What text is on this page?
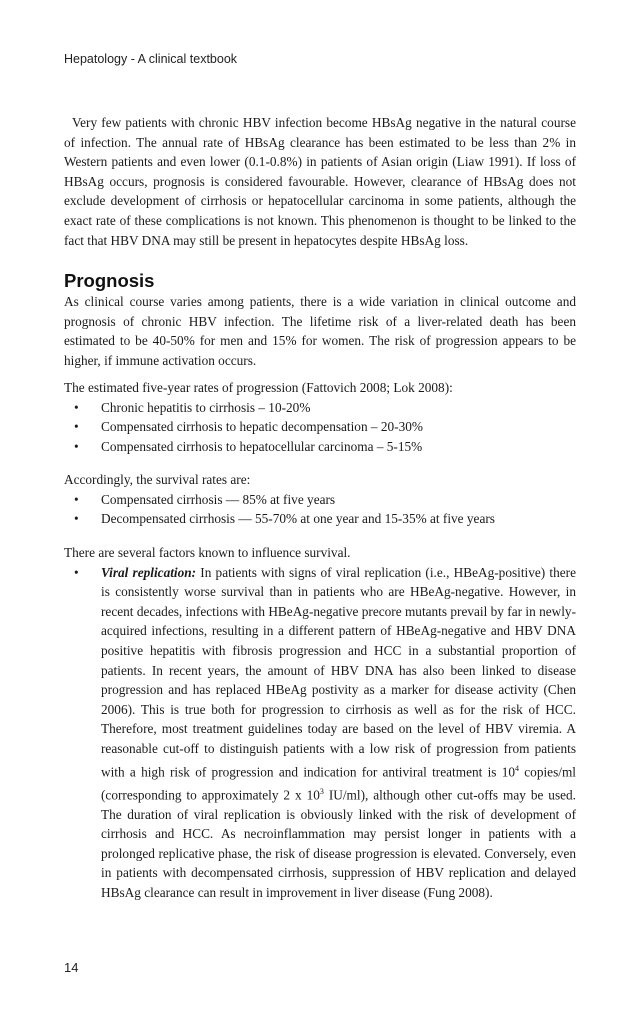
Hepatology - A clinical textbook

Very few patients with chronic HBV infection become HBsAg negative in the natural course of infection. The annual rate of HBsAg clearance has been estimated to be less than 2% in Western patients and even lower (0.1-0.8%) in patients of Asian origin (Liaw 1991). If loss of HBsAg occurs, prognosis is considered favourable. However, clearance of HBsAg does not exclude development of cirrhosis or hepatocellular carcinoma in some patients, although the exact rate of these complications is not known. This phenomenon is thought to be linked to the fact that HBV DNA may still be present in hepatocytes despite HBsAg loss.

Prognosis

As clinical course varies among patients, there is a wide variation in clinical outcome and prognosis of chronic HBV infection. The lifetime risk of a liver-related death has been estimated to be 40-50% for men and 15% for women. The risk of progression appears to be higher, if immune activation occurs.

The estimated five-year rates of progression (Fattovich 2008; Lok 2008):

• Chronic hepatitis to cirrhosis – 10-20%
• Compensated cirrhosis to hepatic decompensation – 20-30%
• Compensated cirrhosis to hepatocellular carcinoma – 5-15%

Accordingly, the survival rates are:

• Compensated cirrhosis — 85% at five years
• Decompensated cirrhosis — 55-70% at one year and 15-35% at five years

There are several factors known to influence survival.

• Viral replication: In patients with signs of viral replication (i.e., HBeAg-positive) there is consistently worse survival than in patients who are HBeAg-negative. However, in recent decades, infections with HBeAg-negative precore mutants prevail by far in newly-acquired infections, resulting in a different pattern of HBeAg-negative and HBV DNA positive hepatitis with fibrosis progression and HCC in a substantial proportion of patients. In recent years, the amount of HBV DNA has also been linked to disease progression and has replaced HBeAg postivity as a marker for disease activity (Chen 2006). This is true both for progression to cirrhosis as well as for the risk of HCC. Therefore, most treatment guidelines today are based on the level of HBV viremia. A reasonable cut-off to distinguish patients with a low risk of progression from patients with a high risk of progression and indication for antiviral treatment is $10^4$ copies/ml (corresponding to approximately 2 x $10^3$ IU/ml), although other cut-offs may be used. The duration of viral replication is obviously linked with the risk of development of cirrhosis and HCC. As necroinflammation may persist longer in patients with a prolonged replicative phase, the risk of disease progression is elevated. Conversely, even in patients with decompensated cirrhosis, suppression of HBV replication and delayed HBsAg clearance can result in improvement in liver disease (Fung 2008).
14
